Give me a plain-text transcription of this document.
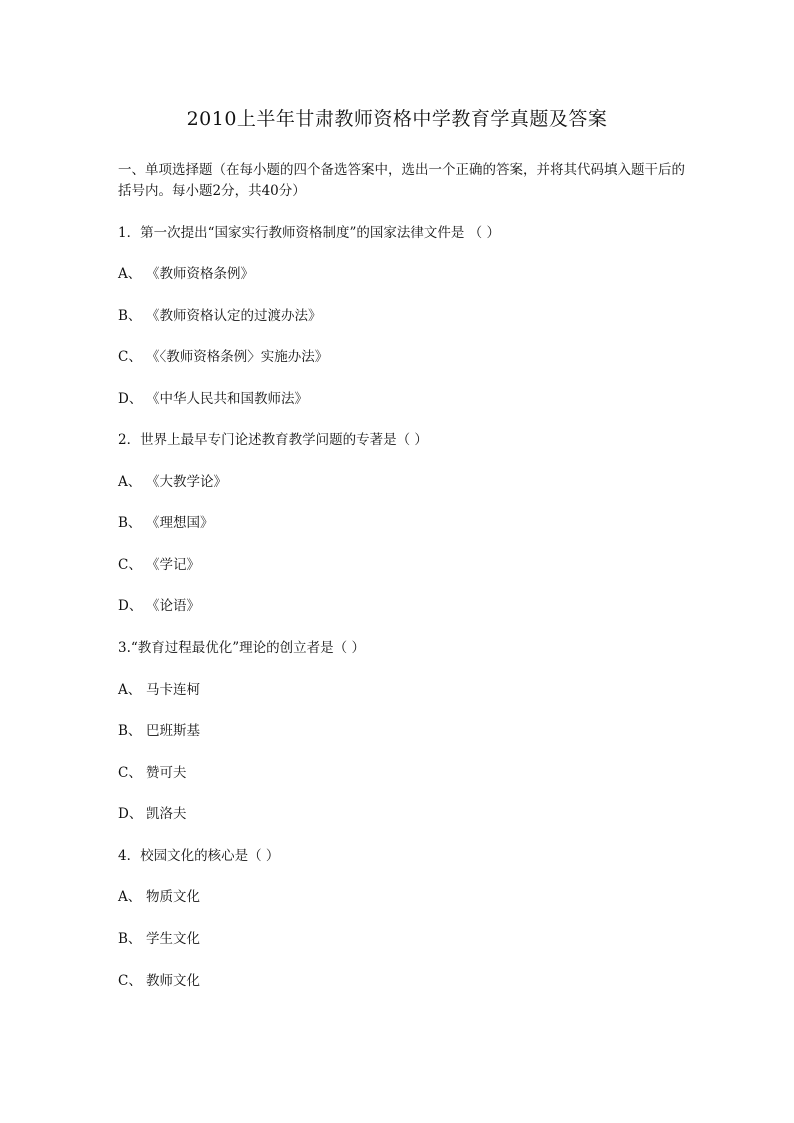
2010上半年甘肃教师资格中学教育学真题及答案

一、单项选择题（在每小题的四个备选答案中，选出一个正确的答案，并将其代码填入题干后的括号内。每小题2分，共40分）

1．第一次提出“国家实行教师资格制度”的国家法律文件是 （ ）
A、 《教师资格条例》
B、 《教师资格认定的过渡办法》
C、 《〈教师资格条例〉实施办法》
D、 《中华人民共和国教师法》
2．世界上最早专门论述教育教学问题的专著是（ ）
A、 《大教学论》
B、 《理想国》
C、 《学记》
D、 《论语》
3.“教育过程最优化”理论的创立者是（ ）
A、 马卡连柯
B、 巴班斯基
C、 赞可夫
D、 凯洛夫
4．校园文化的核心是（ ）
A、 物质文化
B、 学生文化
C、 教师文化
